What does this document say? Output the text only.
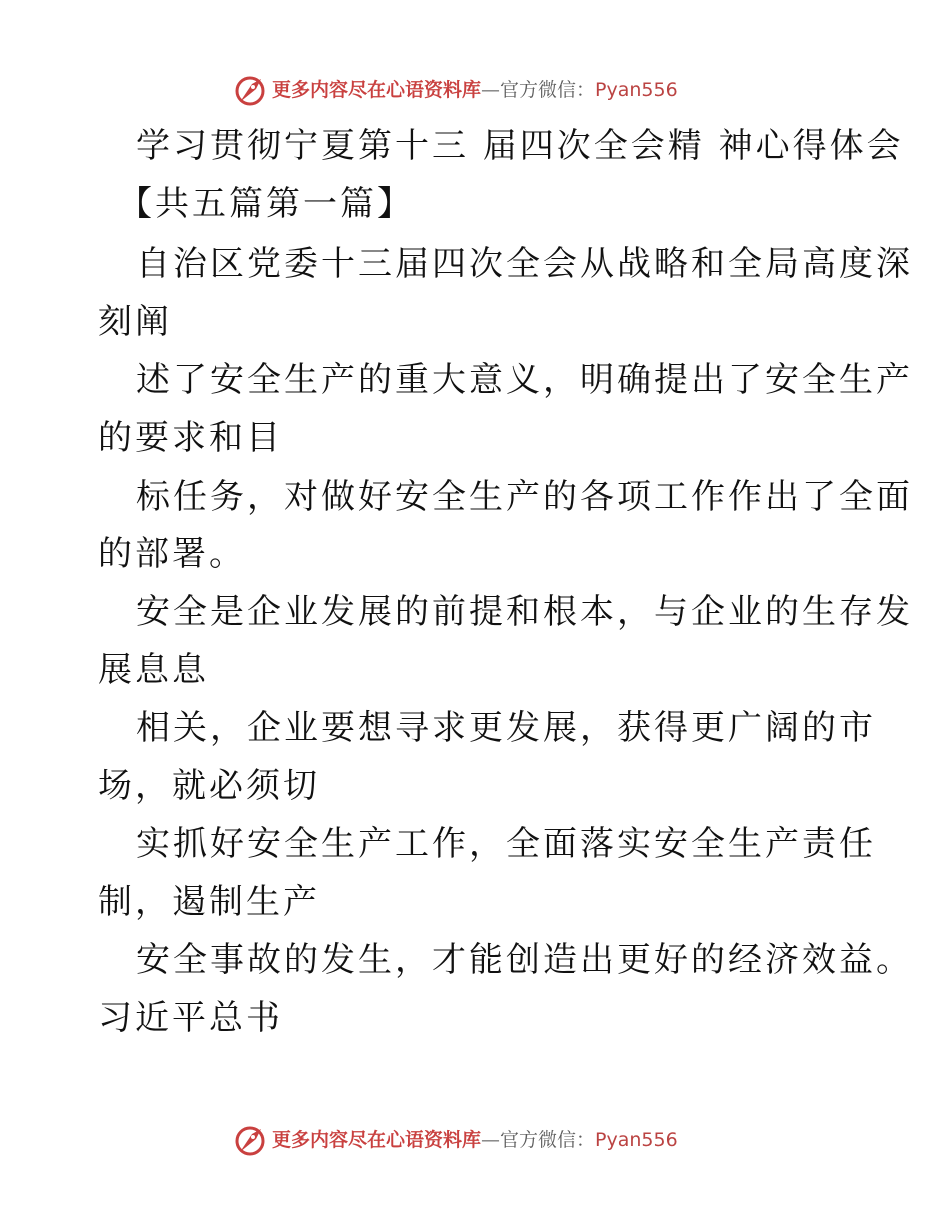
更多内容尽在心语资料库 — 官方微信： Pyan556
学习贯彻宁夏第十三 届四次全会精 神心得体会
【共五篇第一篇】
自治区党委十三届四次全会从战略和全局高度深
刻阐
述了安全生产的重大意义，明确提出了安全生产
的要求和目
标任务，对做好安全生产的各项工作作出了全面
的部署。
安全是企业发展的前提和根本，与企业的生存发
展息息
相关，企业要想寻求更发展，获得更广阔的市
场，就必须切
实抓好安全生产工作，全面落实安全生产责任
制，遏制生产
安全事故的发生，才能创造出更好的经济效益。
习近平总书
更多内容尽在心语资料库 — 官方微信： Pyan556
